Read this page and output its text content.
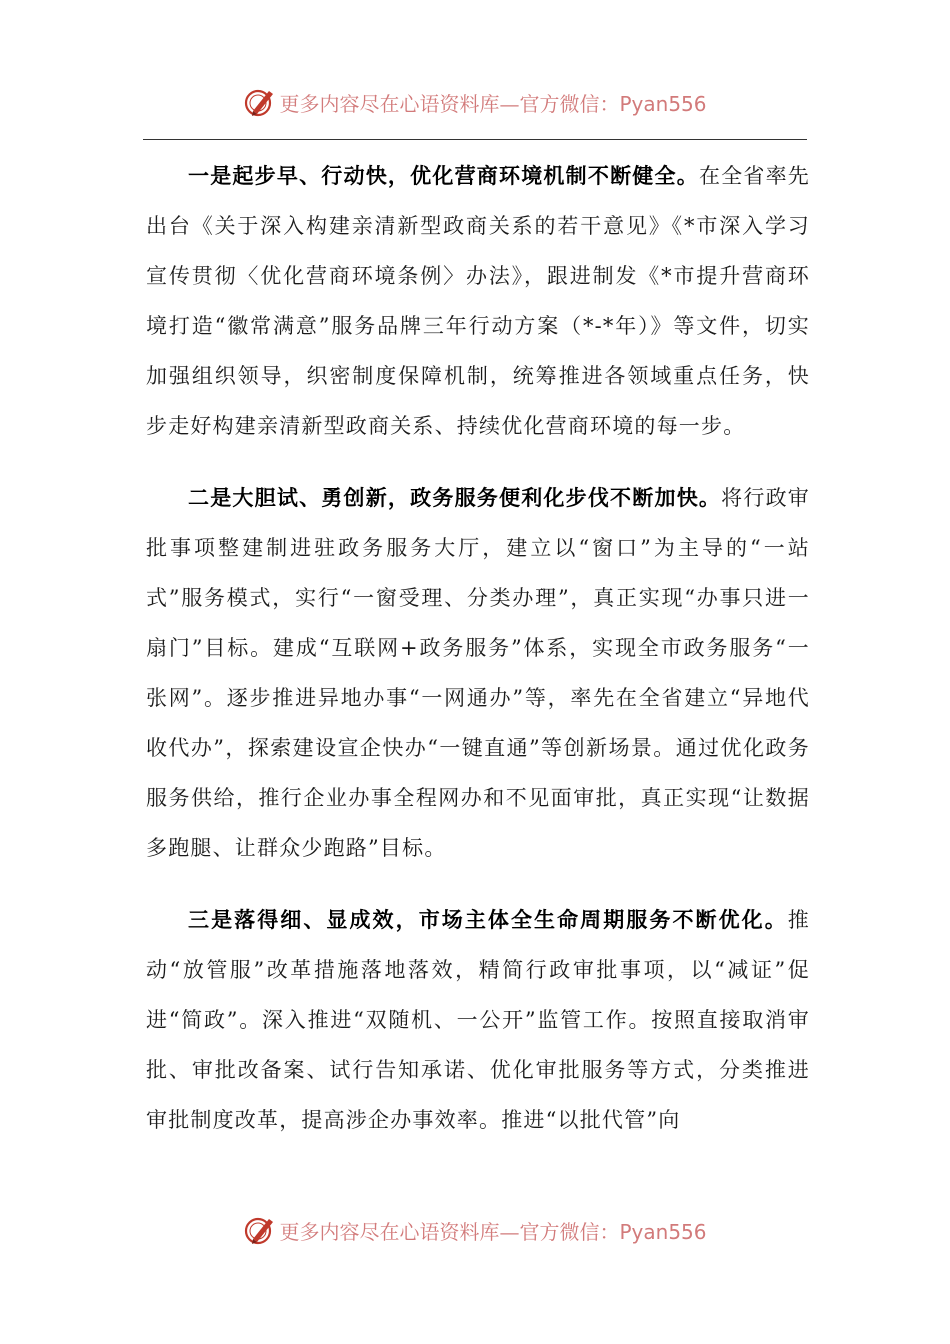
更多内容尽在心语资料库—官方微信：Pyan556

一是起步早、行动快，优化营商环境机制不断健全。在全省率先出台《关于深入构建亲清新型政商关系的若干意见》《*市深入学习宣传贯彻〈优化营商环境条例〉办法》，跟进制发《*市提升营商环境打造“徽常满意”服务品牌三年行动方案（*-*年）》等文件，切实加强组织领导，织密制度保障机制，统筹推进各领域重点任务，快步走好构建亲清新型政商关系、持续优化营商环境的每一步。

二是大胆试、勇创新，政务服务便利化步伐不断加快。将行政审批事项整建制进驻政务服务大厅，建立以“窗口”为主导的“一站式”服务模式，实行“一窗受理、分类办理”，真正实现“办事只进一扇门”目标。建成“互联网+政务服务”体系，实现全市政务服务“一张网”。逐步推进异地办事“一网通办”等，率先在全省建立“异地代收代办”，探索建设宣企快办“一键直通”等创新场景。通过优化政务服务供给，推行企业办事全程网办和不见面审批，真正实现“让数据多跑腿、让群众少跑路”目标。

三是落得细、显成效，市场主体全生命周期服务不断优化。推动“放管服”改革措施落地落效，精简行政审批事项，以“减证”促进“简政”。深入推进“双随机、一公开”监管工作。按照直接取消审批、审批改备案、试行告知承诺、优化审批服务等方式，分类推进审批制度改革，提高涉企办事效率。推进“以批代管”向

更多内容尽在心语资料库—官方微信：Pyan556
